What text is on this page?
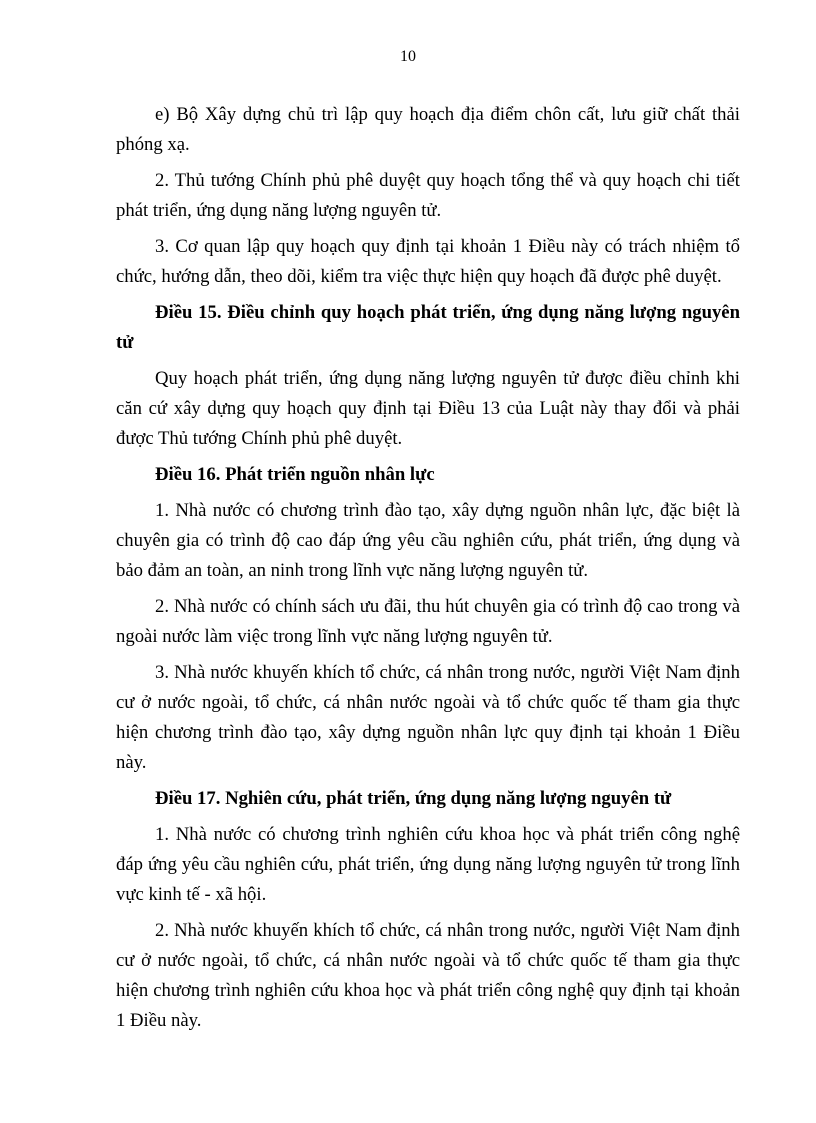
10

e) Bộ Xây dựng chủ trì lập quy hoạch địa điểm chôn cất, lưu giữ chất thải phóng xạ.

2. Thủ tướng Chính phủ phê duyệt quy hoạch tổng thể và quy hoạch chi tiết phát triển, ứng dụng năng lượng nguyên tử.

3. Cơ quan lập quy hoạch quy định tại khoản 1 Điều này có trách nhiệm tổ chức, hướng dẫn, theo dõi, kiểm tra việc thực hiện quy hoạch đã được phê duyệt.

Điều 15. Điều chỉnh quy hoạch phát triển, ứng dụng năng lượng nguyên tử

Quy hoạch phát triển, ứng dụng năng lượng nguyên tử được điều chỉnh khi căn cứ xây dựng quy hoạch quy định tại Điều 13 của Luật này thay đổi và phải được Thủ tướng Chính phủ phê duyệt.

Điều 16. Phát triển nguồn nhân lực

1. Nhà nước có chương trình đào tạo, xây dựng nguồn nhân lực, đặc biệt là chuyên gia có trình độ cao đáp ứng yêu cầu nghiên cứu, phát triển, ứng dụng và bảo đảm an toàn, an ninh trong lĩnh vực năng lượng nguyên tử.

2. Nhà nước có chính sách ưu đãi, thu hút chuyên gia có trình độ cao trong và ngoài nước làm việc trong lĩnh vực năng lượng nguyên tử.

3. Nhà nước khuyến khích tổ chức, cá nhân trong nước, người Việt Nam định cư ở nước ngoài, tổ chức, cá nhân nước ngoài và tổ chức quốc tế tham gia thực hiện chương trình đào tạo, xây dựng nguồn nhân lực quy định tại khoản 1 Điều này.

Điều 17. Nghiên cứu, phát triển, ứng dụng năng lượng nguyên tử

1. Nhà nước có chương trình nghiên cứu khoa học và phát triển công nghệ đáp ứng yêu cầu nghiên cứu, phát triển, ứng dụng năng lượng nguyên tử trong lĩnh vực kinh tế - xã hội.

2. Nhà nước khuyến khích tổ chức, cá nhân trong nước, người Việt Nam định cư ở nước ngoài, tổ chức, cá nhân nước ngoài và tổ chức quốc tế tham gia thực hiện chương trình nghiên cứu khoa học và phát triển công nghệ quy định tại khoản 1 Điều này.
